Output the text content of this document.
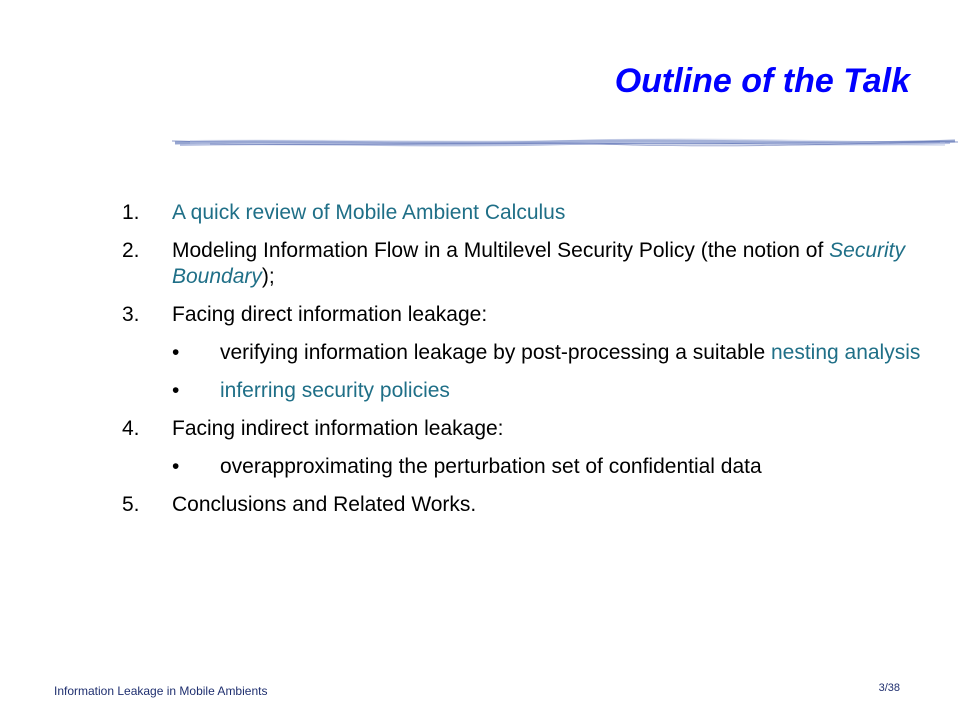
Outline of the Talk
1.	A quick review of Mobile Ambient Calculus
2.	Modeling Information Flow in a Multilevel Security Policy (the notion of Security Boundary);
3.	Facing direct information leakage:
•	verifying information leakage by post-processing a suitable nesting analysis
•	inferring security policies
4.	Facing indirect information leakage:
•	overapproximating the perturbation set of confidential data
5.	Conclusions and Related Works.
Information Leakage in Mobile Ambients	3/38
